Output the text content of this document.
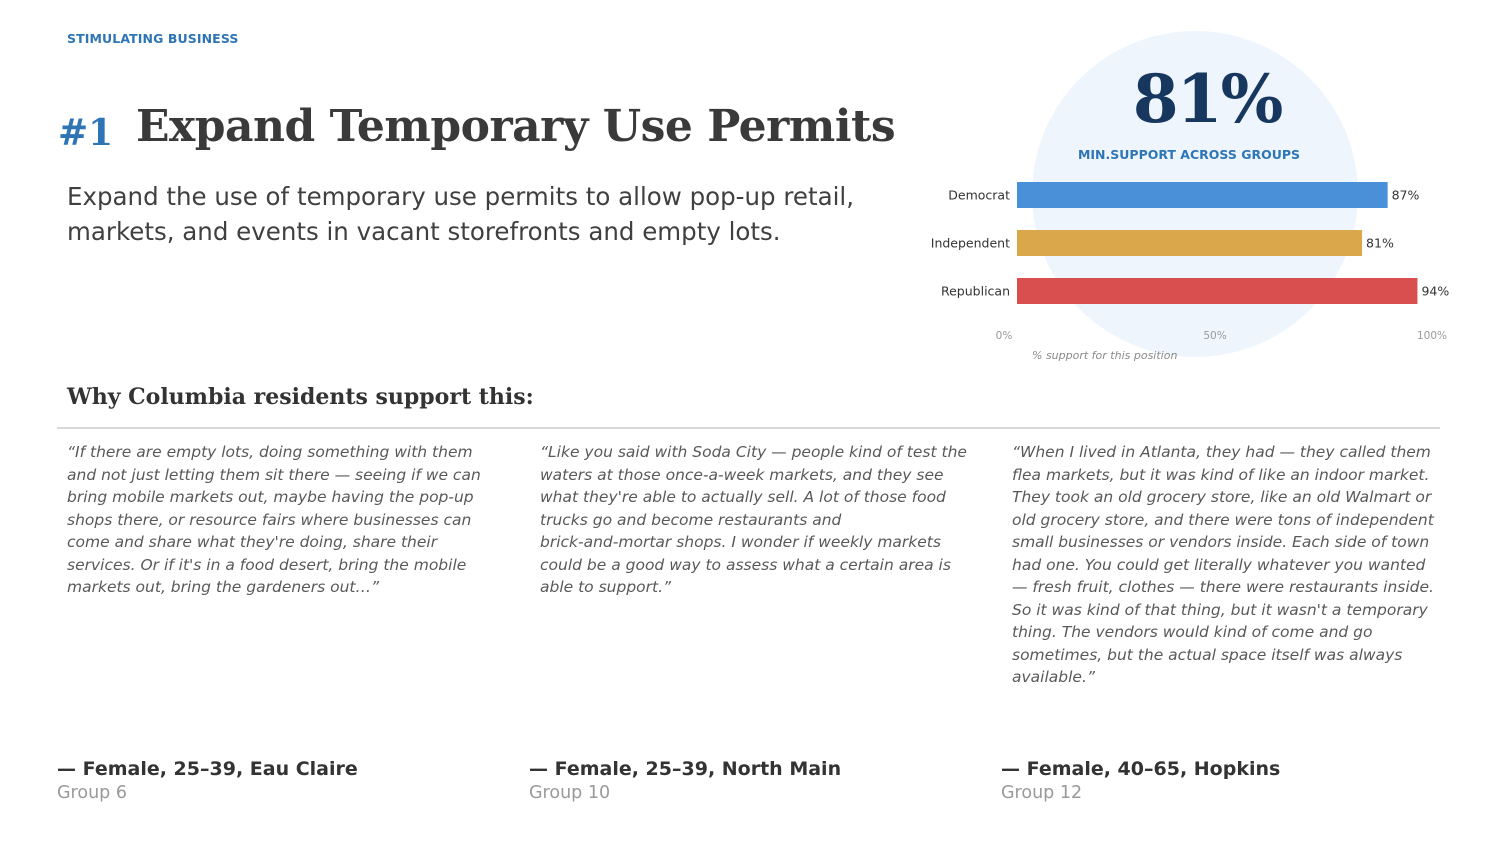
STIMULATING BUSINESS
#1 Expand Temporary Use Permits
Expand the use of temporary use permits to allow pop-up retail, markets, and events in vacant storefronts and empty lots.
81%
MIN.SUPPORT ACROSS GROUPS
Democrat	87%
Independent	81%
Republican	94%
0%	50%	100%
% support for this position
Why Columbia residents support this:
“If there are empty lots, doing something with them
and not just letting them sit there — seeing if we can
bring mobile markets out, maybe having the pop-up
shops there, or resource fairs where businesses can
come and share what they're doing, share their
services. Or if it's in a food desert, bring the mobile
markets out, bring the gardeners out…”
“Like you said with Soda City — people kind of test the
waters at those once-a-week markets, and they see
what they're able to actually sell. A lot of those food
trucks go and become restaurants and
brick-and-mortar shops. I wonder if weekly markets
could be a good way to assess what a certain area is
able to support.”
“When I lived in Atlanta, they had — they called them
flea markets, but it was kind of like an indoor market.
They took an old grocery store, like an old Walmart or
old grocery store, and there were tons of independent
small businesses or vendors inside. Each side of town
had one. You could get literally whatever you wanted
— fresh fruit, clothes — there were restaurants inside.
So it was kind of that thing, but it wasn't a temporary
thing. The vendors would kind of come and go
sometimes, but the actual space itself was always
available.”
— Female, 25–39, Eau Claire
Group 6
— Female, 25–39, North Main
Group 10
— Female, 40–65, Hopkins
Group 12
